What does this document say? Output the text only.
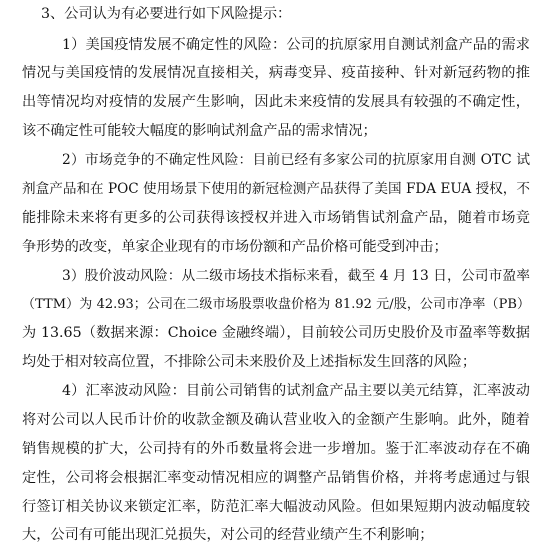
3、公司认为有必要进行如下风险提示：
1）美国疫情发展不确定性的风险：公司的抗原家用自测试剂盒产品的需求
情况与美国疫情的发展情况直接相关，病毒变异、疫苗接种、针对新冠药物的推
出等情况均对疫情的发展产生影响，因此未来疫情的发展具有较强的不确定性，
该不确定性可能较大幅度的影响试剂盒产品的需求情况；
2）市场竞争的不确定性风险：目前已经有多家公司的抗原家用自测 OTC 试
剂盒产品和在 POC 使用场景下使用的新冠检测产品获得了美国 FDA EUA 授权，不
能排除未来将有更多的公司获得该授权并进入市场销售试剂盒产品，随着市场竞
争形势的改变，单家企业现有的市场份额和产品价格可能受到冲击；
3）股价波动风险：从二级市场技术指标来看，截至 4 月 13 日，公司市盈率
（TTM）为 42.93；公司在二级市场股票收盘价格为 81.92 元/股，公司市净率（PB）
为 13.65（数据来源：Choice 金融终端），目前较公司历史股价及市盈率等数据
均处于相对较高位置，不排除公司未来股价及上述指标发生回落的风险；
4）汇率波动风险：目前公司销售的试剂盒产品主要以美元结算，汇率波动
将对公司以人民币计价的收款金额及确认营业收入的金额产生影响。此外，随着
销售规模的扩大，公司持有的外币数量将会进一步增加。鉴于汇率波动存在不确
定性，公司将会根据汇率变动情况相应的调整产品销售价格，并将考虑通过与银
行签订相关协议来锁定汇率，防范汇率大幅波动风险。但如果短期内波动幅度较
大，公司有可能出现汇兑损失，对公司的经营业绩产生不利影响；
